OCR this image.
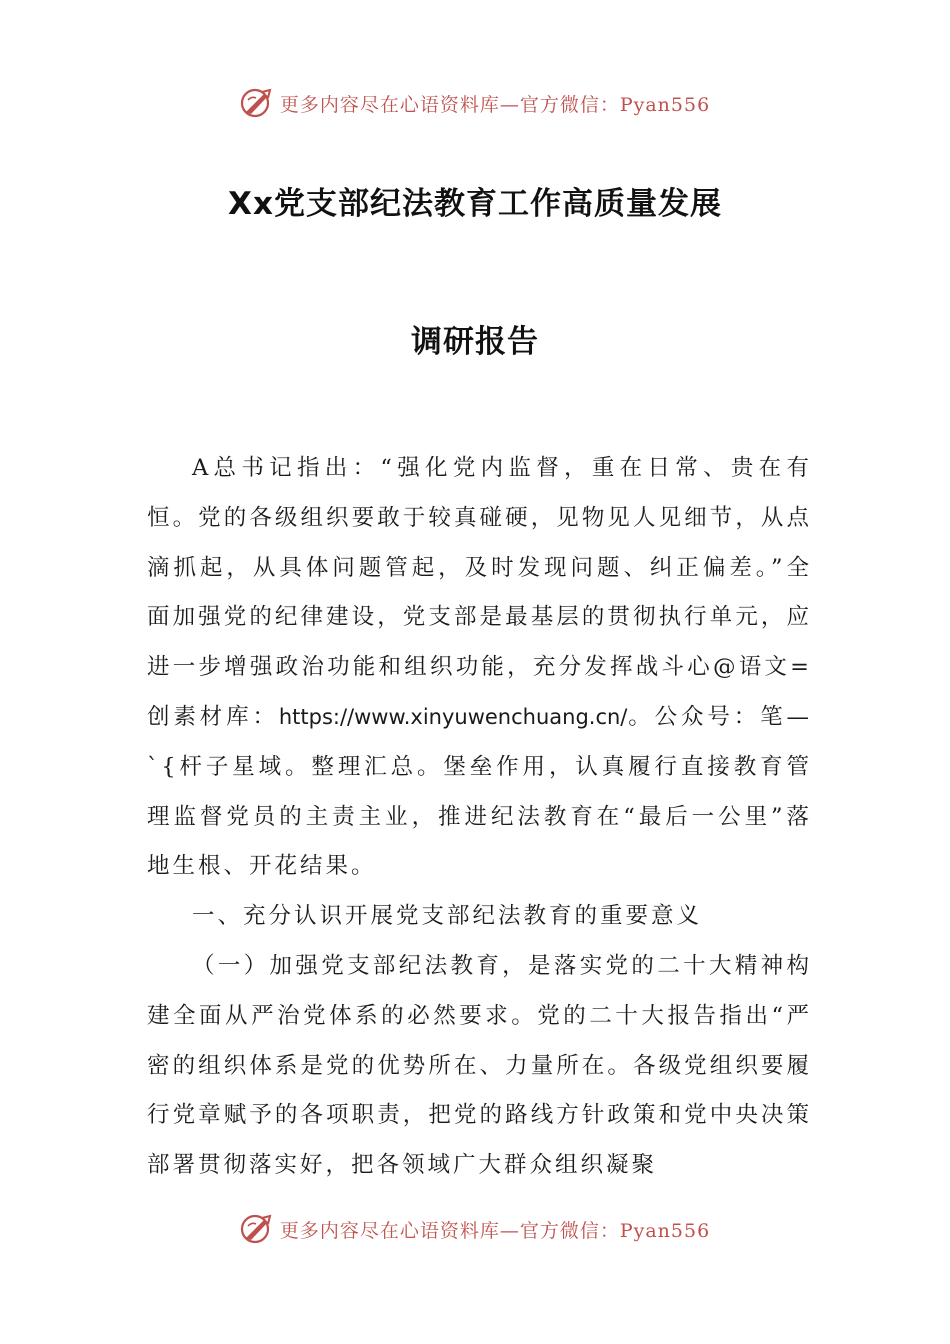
更多内容尽在心语资料库—官方微信：Pyan556
Xx党支部纪法教育工作高质量发展
调研报告

A总书记指出：“强化党内监督，重在日常、贵在有恒。党的各级组织要敢于较真碰硬，见物见人见细节，从点滴抓起，从具体问题管起，及时发现问题、纠正偏差。”全面加强党的纪律建设，党支部是最基层的贯彻执行单元，应进一步增强政治功能和组织功能，充分发挥战斗心@语文=创素材库：https://www.xinyuwenchuang.cn/。公众号：笔—`{杆子星域。整理汇总。堡垒作用，认真履行直接教育管理监督党员的主责主业，推进纪法教育在“最后一公里”落地生根、开花结果。

一、充分认识开展党支部纪法教育的重要意义

（一）加强党支部纪法教育，是落实党的二十大精神构建全面从严治党体系的必然要求。党的二十大报告指出“严密的组织体系是党的优势所在、力量所在。各级党组织要履行党章赋予的各项职责，把党的路线方针政策和党中央决策部署贯彻落实好，把各领域广大群众组织凝聚

更多内容尽在心语资料库—官方微信：Pyan556
